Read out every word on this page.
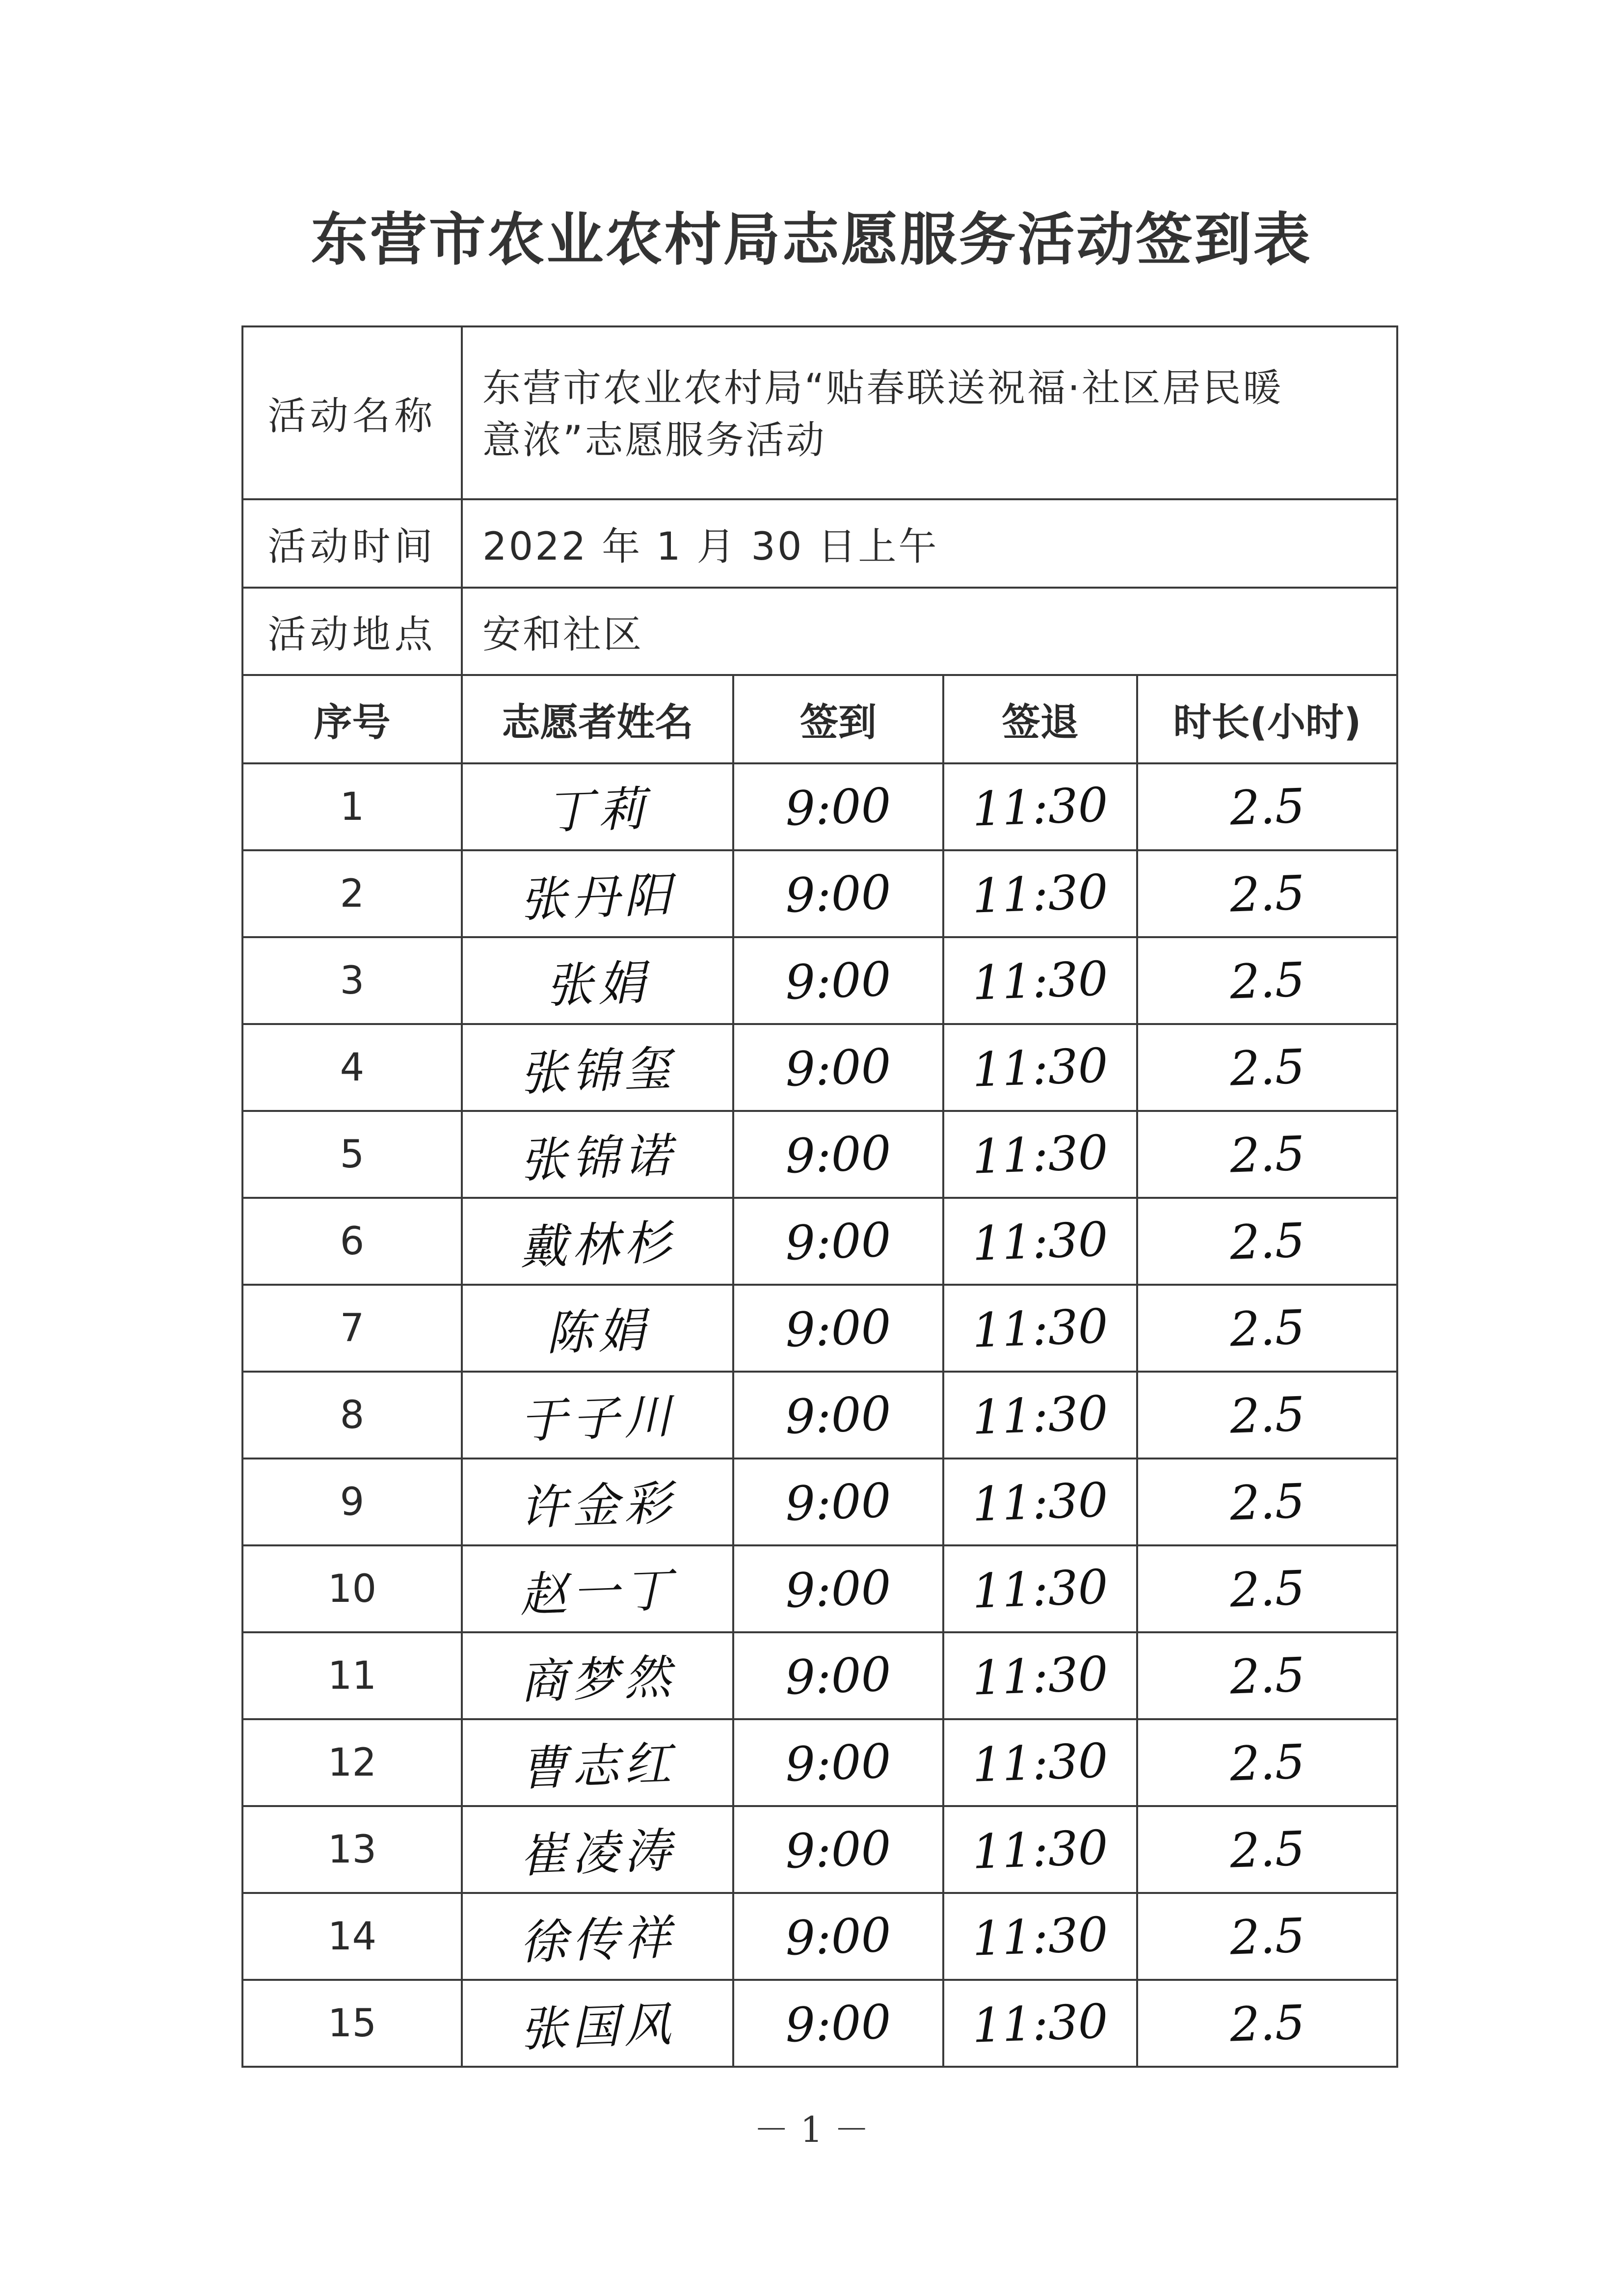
东营市农业农村局志愿服务活动签到表
活动名称	东营市农业农村局“贴春联送祝福·社区居民暖
意浓”志愿服务活动			

活动时间	2022 年 1 月 30 日上午			
活动地点	安和社区			
序号	志愿者姓名	签到	签退	时长(小时)
1	丁莉	9:00	11:30	2.5
2	张丹阳	9:00	11:30	2.5
3	张娟	9:00	11:30	2.5
4	张锦玺	9:00	11:30	2.5
5	张锦诺	9:00	11:30	2.5
6	戴林杉	9:00	11:30	2.5
7	陈娟	9:00	11:30	2.5
8	于子川	9:00	11:30	2.5
9	许金彩	9:00	11:30	2.5
10	赵一丁	9:00	11:30	2.5
11	商梦然	9:00	11:30	2.5
12	曹志红	9:00	11:30	2.5
13	崔凌涛	9:00	11:30	2.5
14	徐传祥	9:00	11:30	2.5
15	张国风	9:00	11:30	2.5
－ 1 －
